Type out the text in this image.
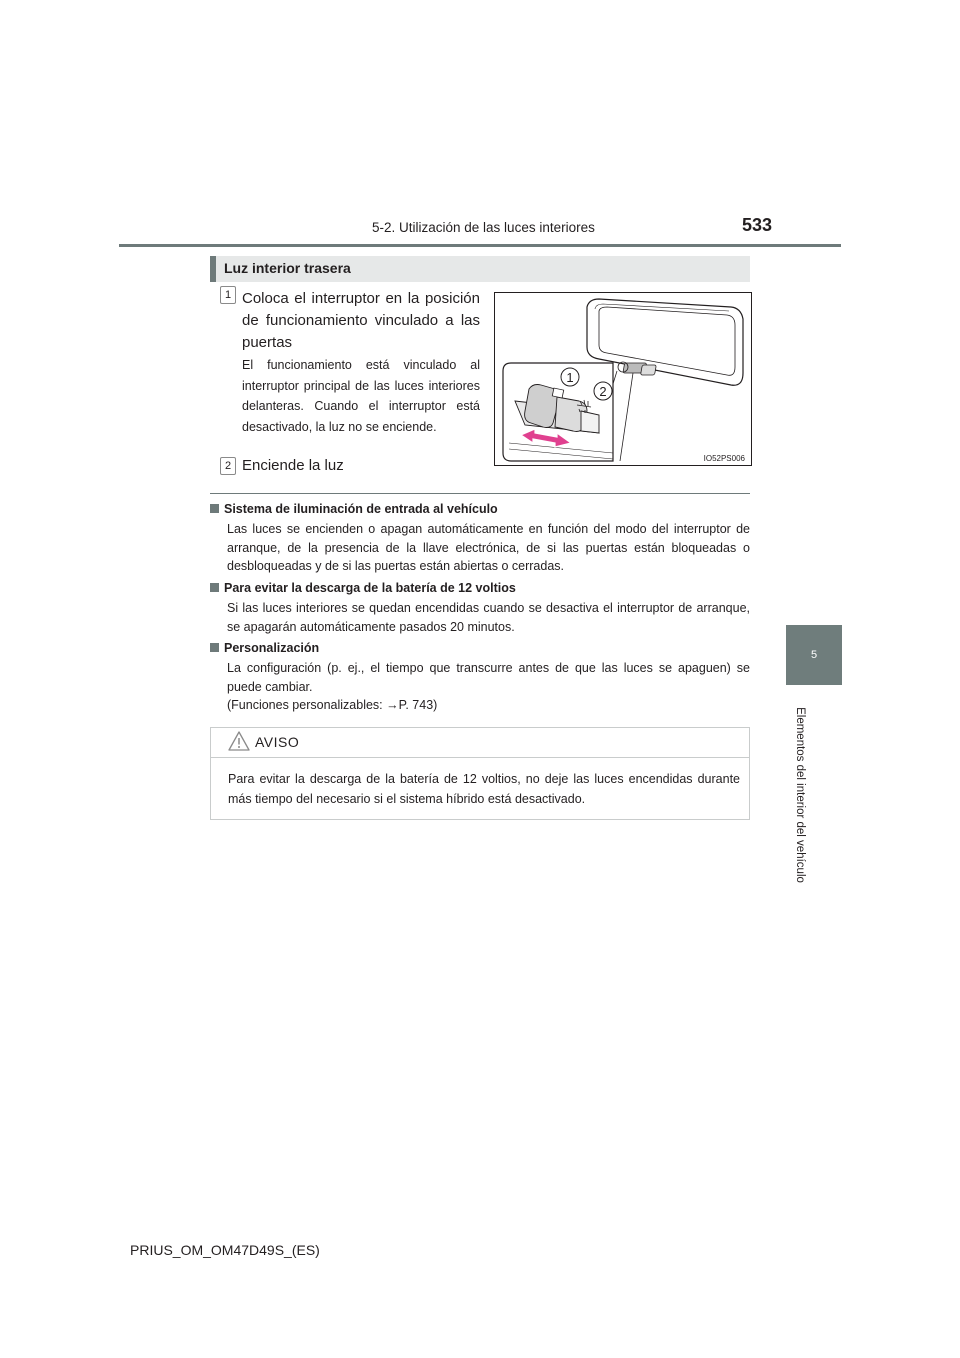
5-2. Utilización de las luces interiores	533
5
Elementos del interior del vehículo
Luz interior trasera
1 Coloca el interruptor en la posición de funcionamiento vinculado a las puertas
El funcionamiento está vinculado al interruptor principal de las luces interiores delanteras. Cuando el interruptor está desactivado, la luz no se enciende.
2 Enciende la luz
1
2
IO52PS006
Sistema de iluminación de entrada al vehículo
Las luces se encienden o apagan automáticamente en función del modo del interruptor de arranque, de la presencia de la llave electrónica, de si las puertas están bloqueadas o desbloqueadas y de si las puertas están abiertas o cerradas.
Para evitar la descarga de la batería de 12 voltios
Si las luces interiores se quedan encendidas cuando se desactiva el interruptor de arranque, se apagarán automáticamente pasados 20 minutos.
Personalización
La configuración (p. ej., el tiempo que transcurre antes de que las luces se apaguen) se puede cambiar.
(Funciones personalizables: →P. 743)
AVISO
Para evitar la descarga de la batería de 12 voltios, no deje las luces encendidas durante más tiempo del necesario si el sistema híbrido está desactivado.
PRIUS_OM_OM47D49S_(ES)
